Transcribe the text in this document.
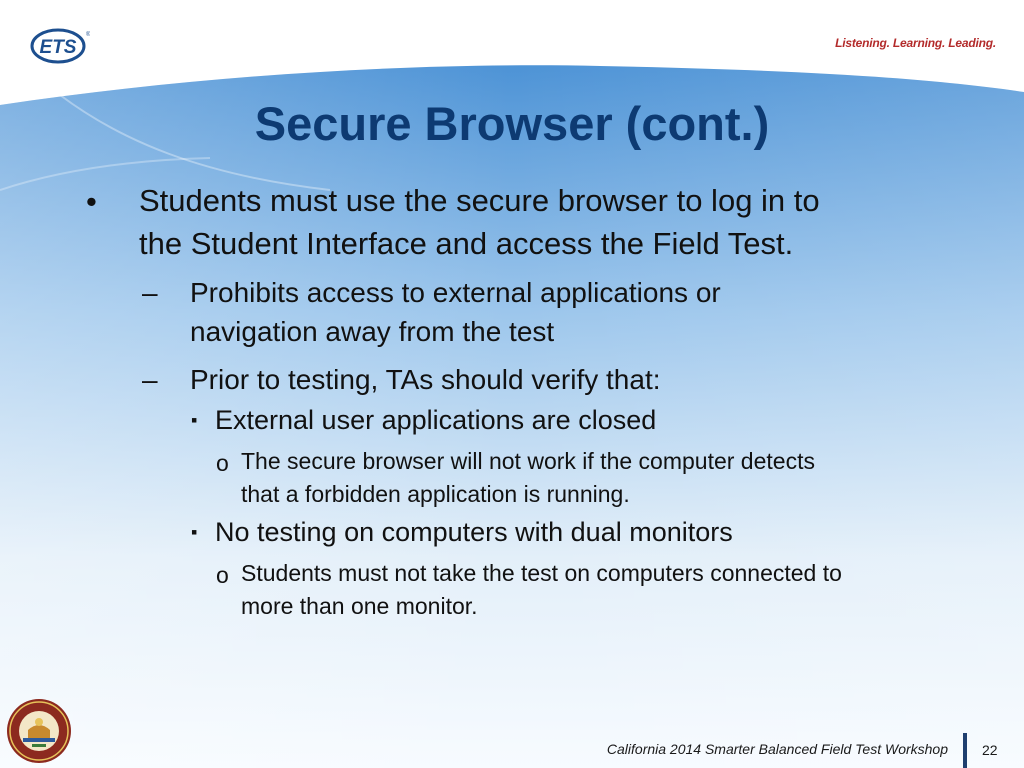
ETS
®
Listening. Learning. Leading.
Secure Browser (cont.)
• Students must use the secure browser to log in to
the Student Interface and access the Field Test.
– Prohibits access to external applications or
navigation away from the test
– Prior to testing, TAs should verify that:
▪ External user applications are closed
o The secure browser will not work if the computer detects
that a forbidden application is running.
▪ No testing on computers with dual monitors
o Students must not take the test on computers connected to
more than one monitor.
California 2014 Smarter Balanced Field Test Workshop 22
